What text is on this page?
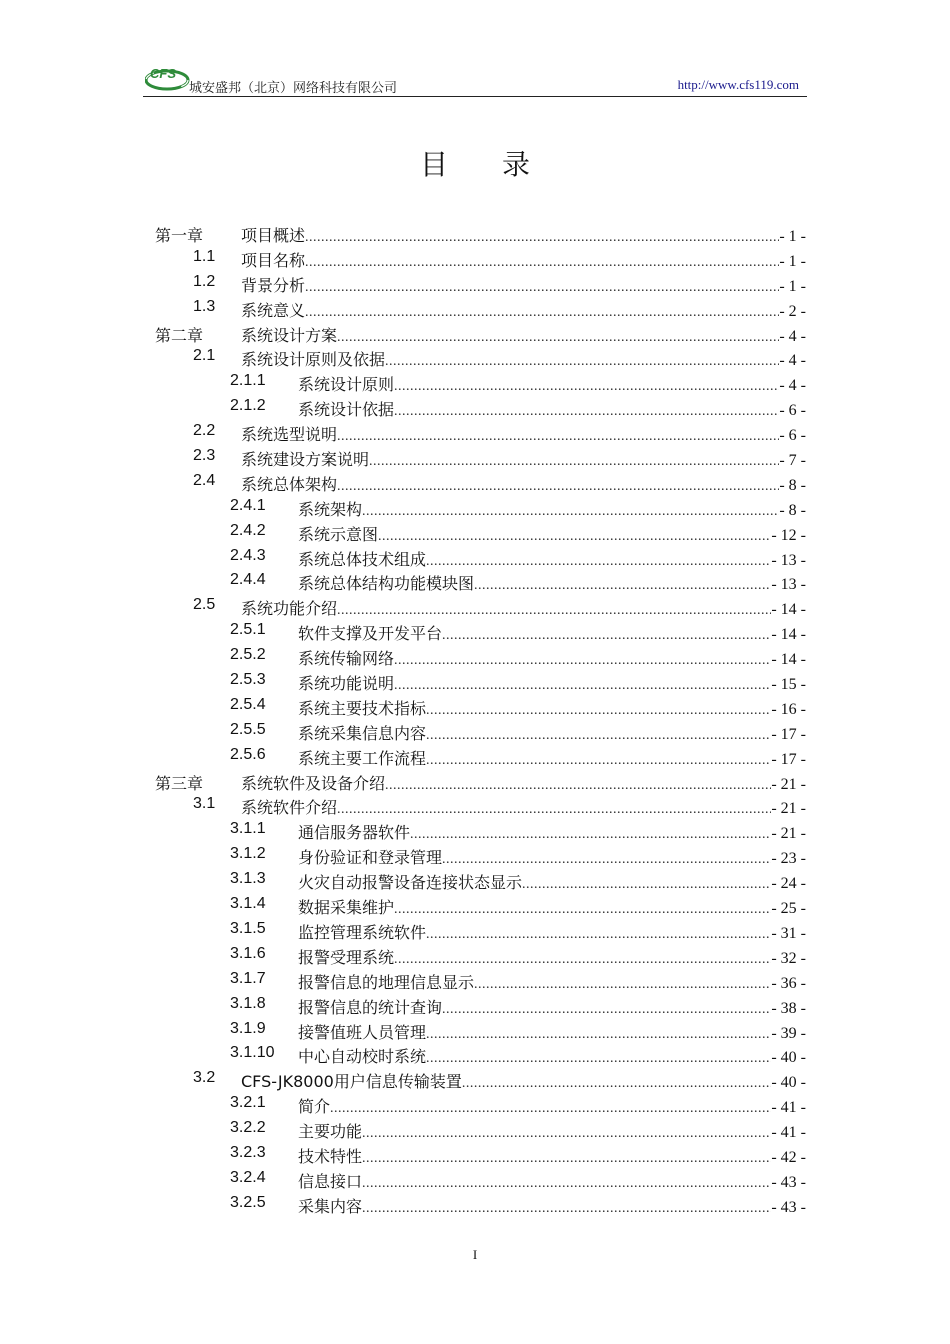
CFS
城安盛邦（北京）网络科技有限公司	http://www.cfs119.com
目录
第一章 项目概述 .....	- 1 -
1.1 项目名称 .....	- 1 -
1.2 背景分析 .....	- 1 -
1.3 系统意义 .....	- 2 -
第二章 系统设计方案 .....	- 4 -
2.1 系统设计原则及依据 .....	- 4 -
2.1.1 系统设计原则 .....	- 4 -
2.1.2 系统设计依据 .....	- 6 -
2.2 系统选型说明 .....	- 6 -
2.3 系统建设方案说明 .....	- 7 -
2.4 系统总体架构 .....	- 8 -
2.4.1 系统架构 .....	- 8 -
2.4.2 系统示意图 .....	- 12 -
2.4.3 系统总体技术组成 .....	- 13 -
2.4.4 系统总体结构功能模块图 .....	- 13 -
2.5 系统功能介绍 .....	- 14 -
2.5.1 软件支撑及开发平台 .....	- 14 -
2.5.2 系统传输网络 .....	- 14 -
2.5.3 系统功能说明 .....	- 15 -
2.5.4 系统主要技术指标 .....	- 16 -
2.5.5 系统采集信息内容 .....	- 17 -
2.5.6 系统主要工作流程 .....	- 17 -
第三章 系统软件及设备介绍 .....	- 21 -
3.1 系统软件介绍 .....	- 21 -
3.1.1 通信服务器软件 .....	- 21 -
3.1.2 身份验证和登录管理 .....	- 23 -
3.1.3 火灾自动报警设备连接状态显示 .....	- 24 -
3.1.4 数据采集维护 .....	- 25 -
3.1.5 监控管理系统软件 .....	- 31 -
3.1.6 报警受理系统 .....	- 32 -
3.1.7 报警信息的地理信息显示 .....	- 36 -
3.1.8 报警信息的统计查询 .....	- 38 -
3.1.9 接警值班人员管理 .....	- 39 -
3.1.10 中心自动校时系统 .....	- 40 -
3.2 CFS-JK8000用户信息传输装置 .....	- 40 -
3.2.1 简介 .....	- 41 -
3.2.2 主要功能 .....	- 41 -
3.2.3 技术特性 .....	- 42 -
3.2.4 信息接口 .....	- 43 -
3.2.5 采集内容 .....	- 43 -
I
